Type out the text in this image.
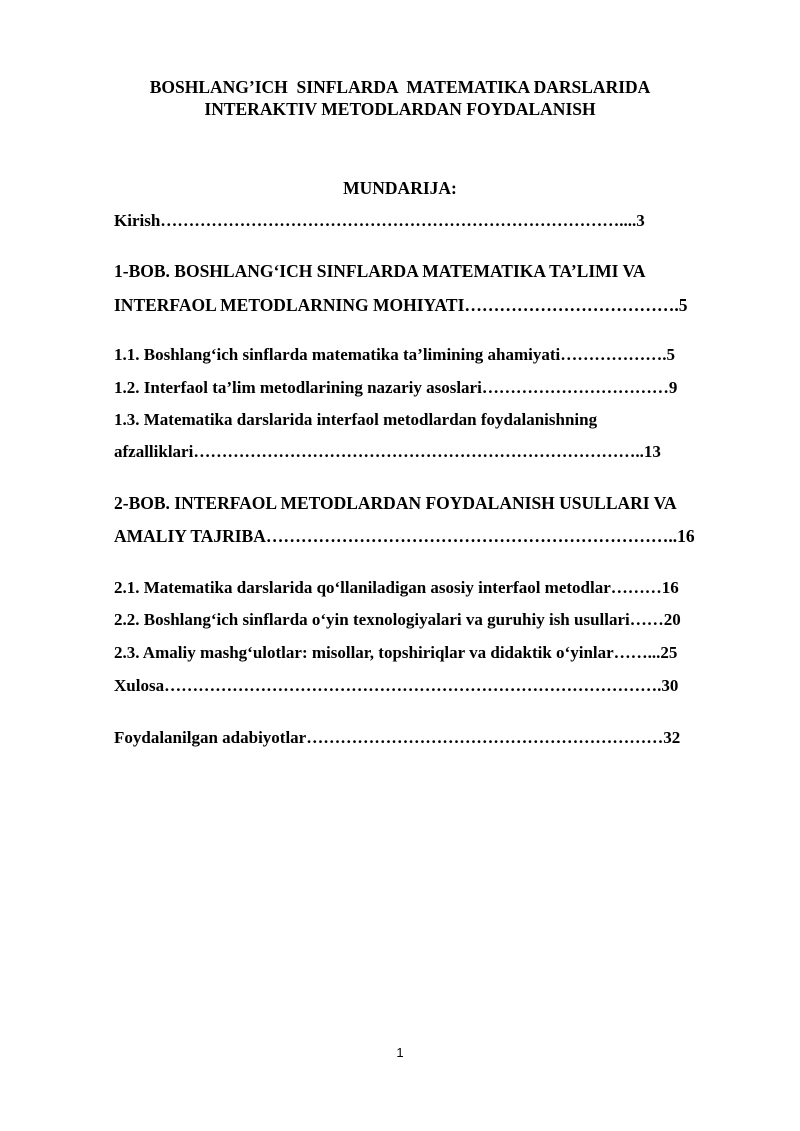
BOSHLANG’ICH  SINFLARDA  MATEMATIKA DARSLARIDA
INTERAKTIV METODLARDAN FOYDALANISH
MUNDARIJA:

Kirish………………………………………………………………………....3

1-BOB. BOSHLANG‘ICH SINFLARDA MATEMATIKA TA’LIMI VA

INTERFAOL METODLARNING MOHIYATI……………………………….5

1.1. Boshlang‘ich sinflarda matematika ta’limining ahamiyati……………….5

1.2. Interfaol ta’lim metodlarining nazariy asoslari……………………………9

1.3. Matematika darslarida interfaol metodlardan foydalanishning

afzalliklari……………………………………………………………………..13

2-BOB. INTERFAOL METODLARDAN FOYDALANISH USULLARI VA

AMALIY TAJRIBA……………………………………………………………..16

2.1. Matematika darslarida qo‘llaniladigan asosiy interfaol metodlar………16

2.2. Boshlang‘ich sinflarda o‘yin texnologiyalari va guruhiy ish usullari……20

2.3. Amaliy mashg‘ulotlar: misollar, topshiriqlar va didaktik o‘yinlar……...25

Xulosa…………………………………………………………………………….30

Foydalanilgan adabiyotlar………………………………………………………32

1
